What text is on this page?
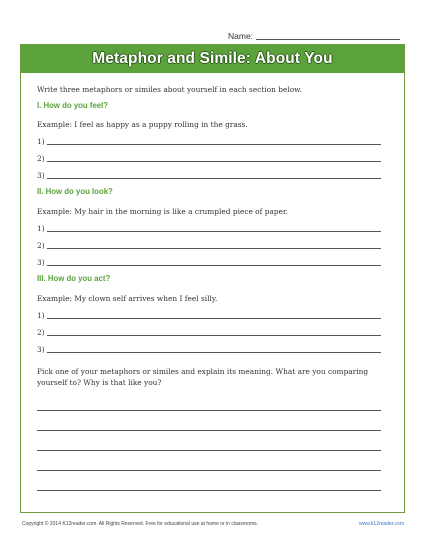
Name:
Metaphor and Simile: About You
Write three metaphors or similes about yourself in each section below.
I. How do you feel?
Example: I feel as happy as a puppy rolling in the grass.
1)
2)
3)
II. How do you look?
Example: My hair in the morning is like a crumpled piece of paper.
1)
2)
3)
III. How do you act?
Example: My clown self arrives when I feel silly.
1)
2)
3)
Pick one of your metaphors or similes and explain its meaning. What are you comparing yourself to? Why is that like you?
Copyright © 2014 K12reader.com. All Rights Reserved. Free for educational use at home or in classrooms.	www.k12reader.com
